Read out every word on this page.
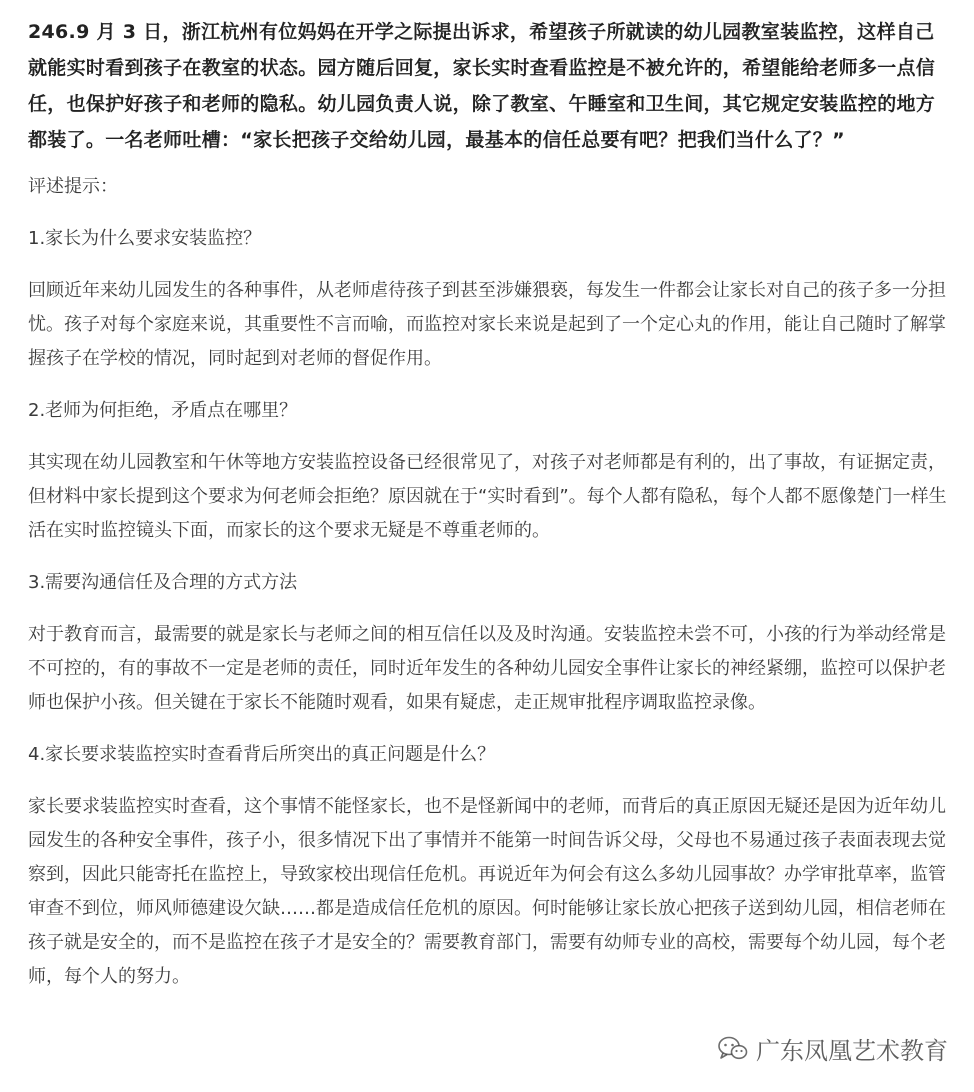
246.9 月 3 日，浙江杭州有位妈妈在开学之际提出诉求，希望孩子所就读的幼儿园教室装监控，这样自己就能实时看到孩子在教室的状态。园方随后回复，家长实时查看监控是不被允许的，希望能给老师多一点信任，也保护好孩子和老师的隐私。幼儿园负责人说，除了教室、午睡室和卫生间，其它规定安装监控的地方都装了。一名老师吐槽：“家长把孩子交给幼儿园，最基本的信任总要有吧？把我们当什么了？”

评述提示：

1.家长为什么要求安装监控？

回顾近年来幼儿园发生的各种事件，从老师虐待孩子到甚至涉嫌猥亵，每发生一件都会让家长对自己的孩子多一分担忧。孩子对每个家庭来说，其重要性不言而喻，而监控对家长来说是起到了一个定心丸的作用，能让自己随时了解掌握孩子在学校的情况，同时起到对老师的督促作用。

2.老师为何拒绝，矛盾点在哪里？

其实现在幼儿园教室和午休等地方安装监控设备已经很常见了，对孩子对老师都是有利的，出了事故，有证据定责，但材料中家长提到这个要求为何老师会拒绝？原因就在于“实时看到”。每个人都有隐私，每个人都不愿像楚门一样生活在实时监控镜头下面，而家长的这个要求无疑是不尊重老师的。

3.需要沟通信任及合理的方式方法

对于教育而言，最需要的就是家长与老师之间的相互信任以及及时沟通。安装监控未尝不可，小孩的行为举动经常是不可控的，有的事故不一定是老师的责任，同时近年发生的各种幼儿园安全事件让家长的神经紧绷，监控可以保护老师也保护小孩。但关键在于家长不能随时观看，如果有疑虑，走正规审批程序调取监控录像。

4.家长要求装监控实时查看背后所突出的真正问题是什么？

家长要求装监控实时查看，这个事情不能怪家长，也不是怪新闻中的老师，而背后的真正原因无疑还是因为近年幼儿园发生的各种安全事件，孩子小，很多情况下出了事情并不能第一时间告诉父母，父母也不易通过孩子表面表现去觉察到，因此只能寄托在监控上，导致家校出现信任危机。再说近年为何会有这么多幼儿园事故？办学审批草率，监管审查不到位，师风师德建设欠缺……都是造成信任危机的原因。何时能够让家长放心把孩子送到幼儿园，相信老师在孩子就是安全的，而不是监控在孩子才是安全的？需要教育部门，需要有幼师专业的高校，需要每个幼儿园，每个老师，每个人的努力。

广东凤凰艺术教育
